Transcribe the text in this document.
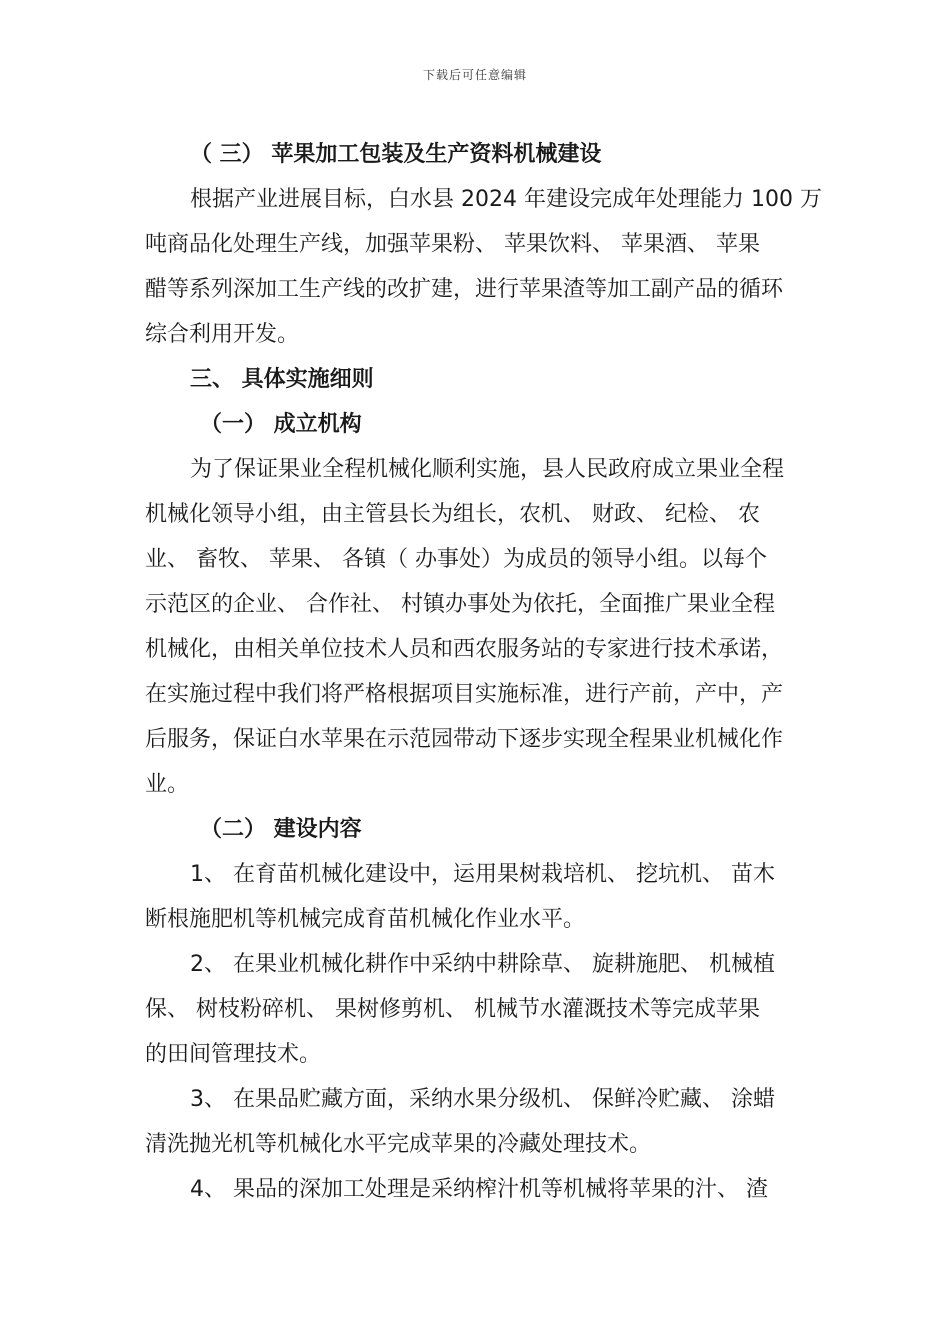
下载后可任意编辑
（ 三） 苹果加工包装及生产资料机械建设
根据产业进展目标，白水县 2024 年建设完成年处理能力 100 万
吨商品化处理生产线，加强苹果粉、 苹果饮料、 苹果酒、 苹果
醋等系列深加工生产线的改扩建，进行苹果渣等加工副产品的循环
综合利用开发。
三、 具体实施细则
（一） 成立机构
为了保证果业全程机械化顺利实施，县人民政府成立果业全程
机械化领导小组，由主管县长为组长，农机、 财政、 纪检、 农
业、 畜牧、 苹果、 各镇（ 办事处）为成员的领导小组。以每个
示范区的企业、 合作社、 村镇办事处为依托，全面推广果业全程
机械化，由相关单位技术人员和西农服务站的专家进行技术承诺，
在实施过程中我们将严格根据项目实施标准，进行产前，产中，产
后服务，保证白水苹果在示范园带动下逐步实现全程果业机械化作
业。
（二） 建设内容
1、 在育苗机械化建设中，运用果树栽培机、 挖坑机、 苗木
断根施肥机等机械完成育苗机械化作业水平。
2、 在果业机械化耕作中采纳中耕除草、 旋耕施肥、 机械植
保、 树枝粉碎机、 果树修剪机、 机械节水灌溉技术等完成苹果
的田间管理技术。
3、 在果品贮藏方面，采纳水果分级机、 保鲜冷贮藏、 涂蜡
清洗抛光机等机械化水平完成苹果的冷藏处理技术。
4、 果品的深加工处理是采纳榨汁机等机械将苹果的汁、 渣
